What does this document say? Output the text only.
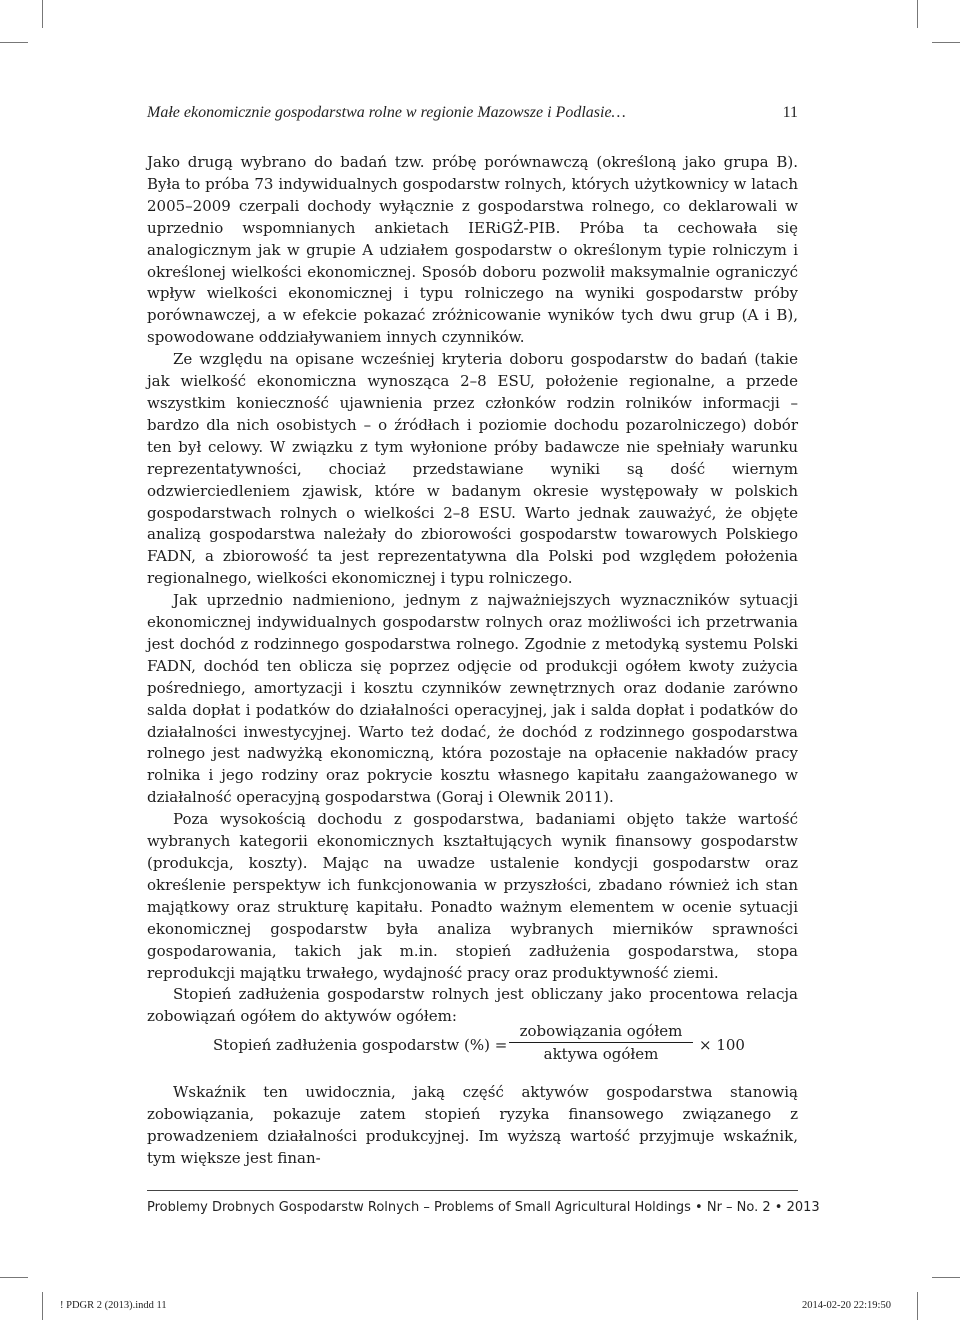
Małe ekonomicznie gospodarstwa rolne w regionie Mazowsze i Podlasie…	11

Jako drugą wybrano do badań tzw. próbę porównawczą (określoną jako grupa B). Była to próba 73 indywidualnych gospodarstw rolnych, których użytkownicy w latach 2005–2009 czerpali dochody wyłącznie z gospodarstwa rolnego, co deklarowali w uprzednio wspomnianych ankietach IERiGŻ-PIB. Próba ta cechowała się analogicznym jak w grupie A udziałem gospodarstw o określonym typie rolniczym i określonej wielkości ekonomicznej. Sposób doboru pozwolił maksymalnie ograniczyć wpływ wielkości ekonomicznej i typu rolniczego na wyniki gospodarstw próby porównawczej, a w efekcie pokazać zróżnicowanie wyników tych dwu grup (A i B), spowodowane oddziaływaniem innych czynników.

Ze względu na opisane wcześniej kryteria doboru gospodarstw do badań (takie jak wielkość ekonomiczna wynosząca 2–8 ESU, położenie regionalne, a przede wszystkim konieczność ujawnienia przez członków rodzin rolników informacji – bardzo dla nich osobistych – o źródłach i poziomie dochodu pozarolniczego) dobór ten był celowy. W związku z tym wyłonione próby badawcze nie spełniały warunku reprezentatywności, chociaż przedstawiane wyniki są dość wiernym odzwierciedleniem zjawisk, które w badanym okresie występowały w polskich gospodarstwach rolnych o wielkości 2–8 ESU. Warto jednak zauważyć, że objęte analizą gospodarstwa należały do zbiorowości gospodarstw towarowych Polskiego FADN, a zbiorowość ta jest reprezentatywna dla Polski pod względem położenia regionalnego, wielkości ekonomicznej i typu rolniczego.

Jak uprzednio nadmieniono, jednym z najważniejszych wyznaczników sytuacji ekonomicznej indywidualnych gospodarstw rolnych oraz możliwości ich przetrwania jest dochód z rodzinnego gospodarstwa rolnego. Zgodnie z metodyką systemu Polski FADN, dochód ten oblicza się poprzez odjęcie od produkcji ogółem kwoty zużycia pośredniego, amortyzacji i kosztu czynników zewnętrznych oraz dodanie zarówno salda dopłat i podatków do działalności operacyjnej, jak i salda dopłat i podatków do działalności inwestycyjnej. Warto też dodać, że dochód z rodzinnego gospodarstwa rolnego jest nadwyżką ekonomiczną, która pozostaje na opłacenie nakładów pracy rolnika i jego rodziny oraz pokrycie kosztu własnego kapitału zaangażowanego w działalność operacyjną gospodarstwa (Goraj i Olewnik 2011).

Poza wysokością dochodu z gospodarstwa, badaniami objęto także wartość wybranych kategorii ekonomicznych kształtujących wynik finansowy gospodarstw (produkcja, koszty). Mając na uwadze ustalenie kondycji gospodarstw oraz określenie perspektyw ich funkcjonowania w przyszłości, zbadano również ich stan majątkowy oraz strukturę kapitału. Ponadto ważnym elementem w ocenie sytuacji ekonomicznej gospodarstw była analiza wybranych mierników sprawności gospodarowania, takich jak m.in. stopień zadłużenia gospodarstwa, stopa reprodukcji majątku trwałego, wydajność pracy oraz produktywność ziemi.

Stopień zadłużenia gospodarstw rolnych jest obliczany jako procentowa relacja zobowiązań ogółem do aktywów ogółem:

Stopień zadłużenia gospodarstw (%) =
zobowiązania ogółem
aktywa ogółem	× 100

Wskaźnik ten uwidocznia, jaką część aktywów gospodarstwa stanowią zobowiązania, pokazuje zatem stopień ryzyka finansowego związanego z prowadzeniem działalności produkcyjnej. Im wyższą wartość przyjmuje wskaźnik, tym większe jest finan-

Problemy Drobnych Gospodarstw Rolnych – Problems of Small Agricultural Holdings • Nr – No. 2 • 2013
! PDGR 2 (2013).indd 11	2014-02-20 22:19:50
